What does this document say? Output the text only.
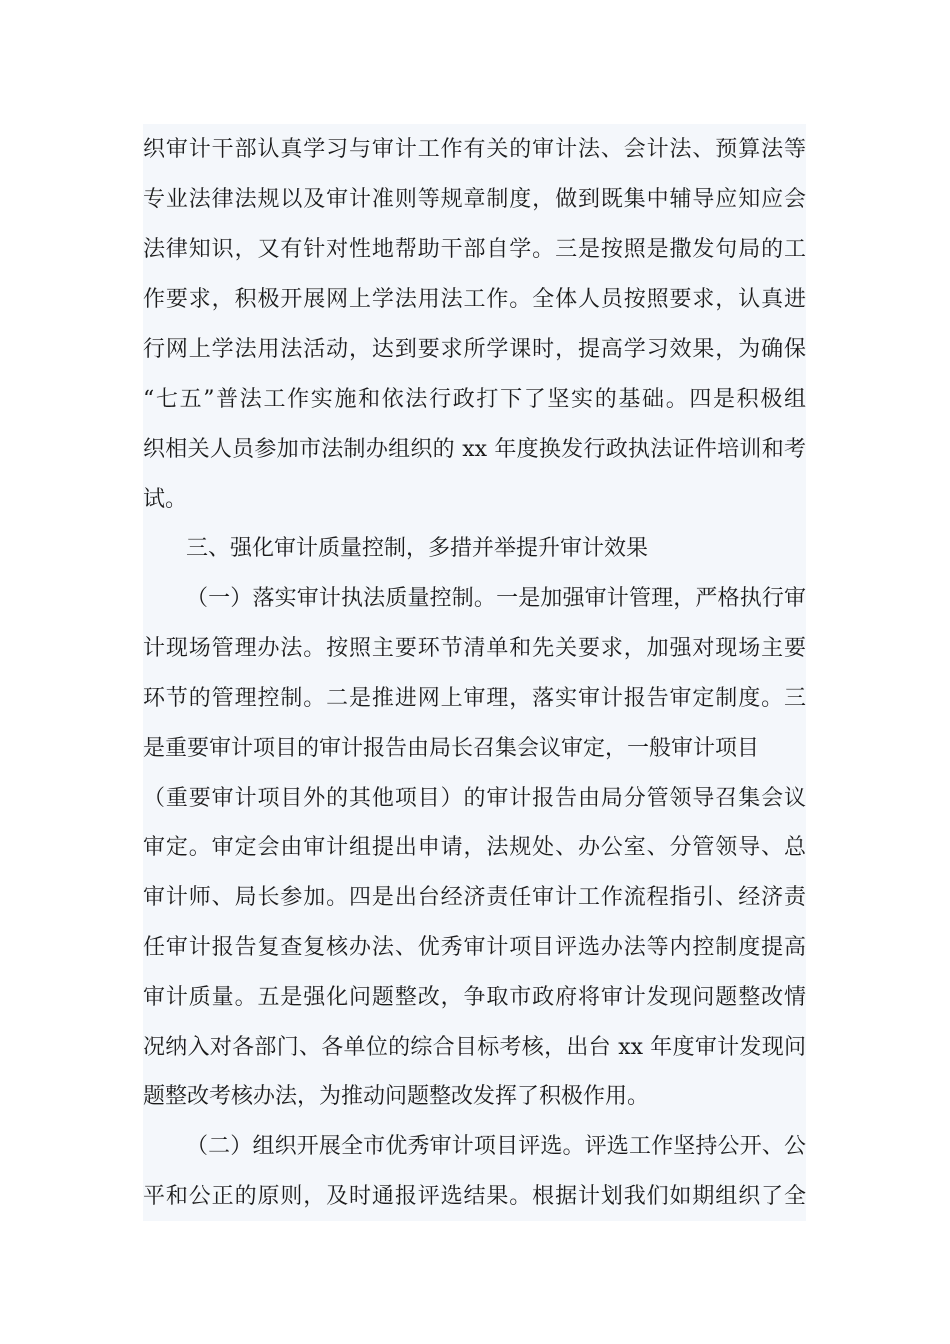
织审计干部认真学习与审计工作有关的审计法、会计法、预算法等
专业法律法规以及审计准则等规章制度，做到既集中辅导应知应会
法律知识，又有针对性地帮助干部自学。三是按照是撒发句局的工
作要求，积极开展网上学法用法工作。全体人员按照要求，认真进
行网上学法用法活动，达到要求所学课时，提高学习效果，为确保
“七五”普法工作实施和依法行政打下了坚实的基础。四是积极组
织相关人员参加市法制办组织的 xx 年度换发行政执法证件培训和考
试。
三、强化审计质量控制，多措并举提升审计效果
（一）落实审计执法质量控制。一是加强审计管理，严格执行审
计现场管理办法。按照主要环节清单和先关要求，加强对现场主要
环节的管理控制。二是推进网上审理，落实审计报告审定制度。三
是重要审计项目的审计报告由局长召集会议审定，一般审计项目
（重要审计项目外的其他项目）的审计报告由局分管领导召集会议
审定。审定会由审计组提出申请，法规处、办公室、分管领导、总
审计师、局长参加。四是出台经济责任审计工作流程指引、经济责
任审计报告复查复核办法、优秀审计项目评选办法等内控制度提高
审计质量。五是强化问题整改，争取市政府将审计发现问题整改情
况纳入对各部门、各单位的综合目标考核，出台 xx 年度审计发现问
题整改考核办法，为推动问题整改发挥了积极作用。
（二）组织开展全市优秀审计项目评选。评选工作坚持公开、公
平和公正的原则，及时通报评选结果。根据计划我们如期组织了全
